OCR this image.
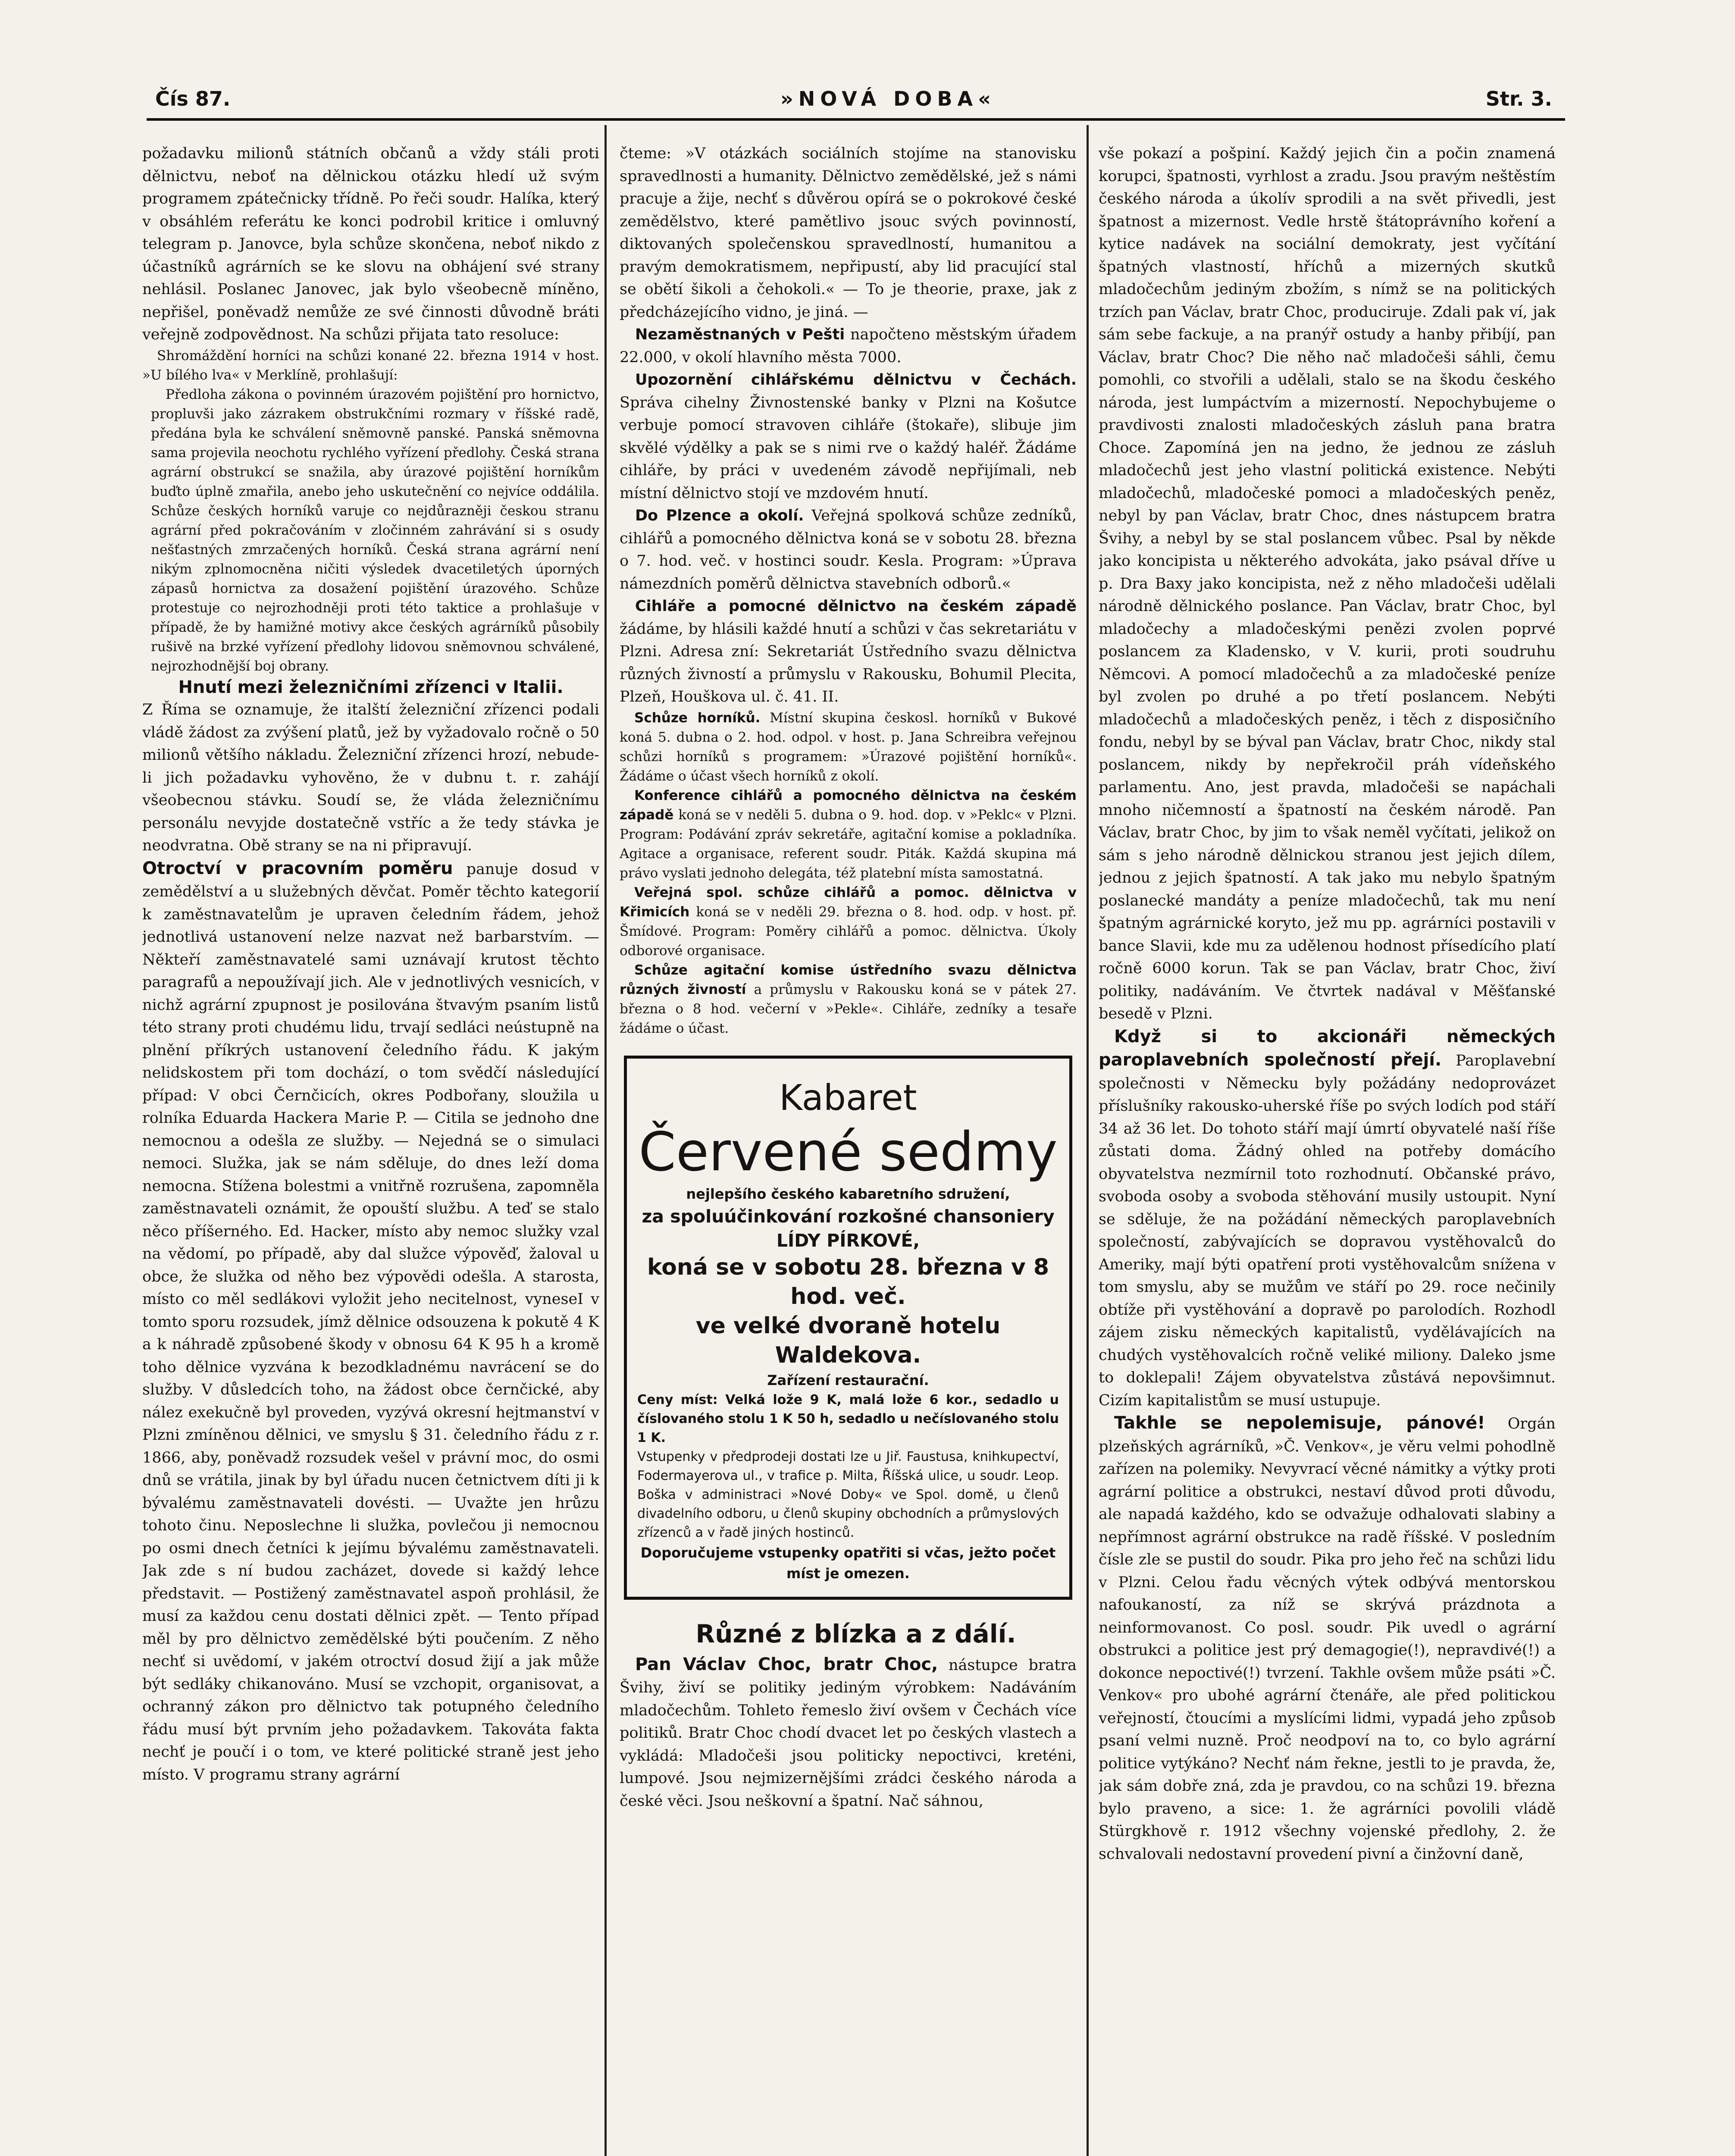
Čís 87.	»NOVÁ DOBA«	Str. 3.

požadavku milionů státních občanů a vždy stáli proti dělnictvu, neboť na dělnickou otázku hledí už svým programem zpátečnicky třídně. Po řeči soudr. Halíka, který v obsáhlém referátu ke konci podrobil kritice i omluvný telegram p. Janovce, byla schůze skončena, neboť nikdo z účastníků agrárních se ke slovu na obhájení své strany nehlásil. Poslanec Janovec, jak bylo všeobecně míněno, nepřišel, poněvadž nemůže ze své činnosti důvodně bráti veřejně zodpovědnost. Na schůzi přijata tato resoluce:

Shromáždění horníci na schůzi konané 22. března 1914 v host. »U bílého lva« v Merklíně, prohlašují:

Předloha zákona o povinném úrazovém pojištění pro hornictvo, propluvši jako zázrakem obstrukčními rozmary v říšské radě, předána byla ke schválení sněmovně panské. Panská sněmovna sama projevila neochotu rychlého vyřízení předlohy. Česká strana agrární obstrukcí se snažila, aby úrazové pojištění horníkům buďto úplně zmařila, anebo jeho uskutečnění co nejvíce oddálila. Schůze českých horníků varuje co nejdůrazněji českou stranu agrární před pokračováním v zločinném zahrávání si s osudy nešťastných zmrzačených horníků. Česká strana agrární není nikým zplnomocněna ničiti výsledek dvacetiletých úporných zápasů hornictva za dosažení pojištění úrazového. Schůze protestuje co nejrozhodněji proti této taktice a prohlašuje v případě, že by hamižné motivy akce českých agrárníků působily rušivě na brzké vyřízení předlohy lidovou sněmovnou schválené, nejrozhodnější boj obrany.

Hnutí mezi železničními zřízenci v Italii.

Z Říma se oznamuje, že italští železniční zřízenci podali vládě žádost za zvýšení platů, jež by vyžadovalo ročně o 50 milionů většího nákladu. Železniční zřízenci hrozí, nebude-li jich požadavku vyhověno, že v dubnu t. r. zahájí všeobecnou stávku. Soudí se, že vláda železničnímu personálu nevyjde dostatečně vstříc a že tedy stávka je neodvratna. Obě strany se na ni připravují.

Otroctví v pracovním poměru panuje dosud v zemědělství a u služebných děvčat. Poměr těchto kategorií k zaměstnavatelům je upraven čeledním řádem, jehož jednotlivá ustanovení nelze nazvat než barbarstvím. — Někteří zaměstnavatelé sami uznávají krutost těchto paragrafů a nepoužívají jich. Ale v jednotlivých vesnicích, v nichž agrární zpupnost je posilována štvavým psaním listů této strany proti chudému lidu, trvají sedláci neústupně na plnění příkrých ustanovení čeledního řádu. K jakým nelidskostem při tom dochází, o tom svědčí následující případ: V obci Černčicích, okres Podbořany, sloužila u rolníka Eduarda Hackera Marie P. — Citila se jednoho dne nemocnou a odešla ze služby. — Nejedná se o simulaci nemoci. Služka, jak se nám sděluje, do dnes leží doma nemocna. Stížena bolestmi a vnitřně rozrušena, zapomněla zaměstnavateli oznámit, že opouští službu. A teď se stalo něco příšerného. Ed. Hacker, místo aby nemoc služky vzal na vědomí, po případě, aby dal služce výpověď, žaloval u obce, že služka od něho bez výpovědi odešla. A starosta, místo co měl sedlákovi vyložit jeho necitelnost, vyneseI v tomto sporu rozsudek, jímž dělnice odsouzena k pokutě 4 K a k náhradě způsobené škody v obnosu 64 K 95 h a kromě toho dělnice vyzvána k bezodkladnému navrácení se do služby. V důsledcích toho, na žádost obce černčické, aby nález exekučně byl proveden, vyzývá okresní hejtmanství v Plzni zmíněnou dělnici, ve smyslu § 31. čeledního řádu z r. 1866, aby, poněvadž rozsudek vešel v právní moc, do osmi dnů se vrátila, jinak by byl úřadu nucen četnictvem díti ji k bývalému zaměstnavateli dovésti. — Uvažte jen hrůzu tohoto činu. Neposlechne li služka, povlečou ji nemocnou po osmi dnech četníci k jejímu bývalému zaměstnavateli. Jak zde s ní budou zacházet, dovede si každý lehce představit. — Postižený zaměstnavatel aspoň prohlásil, že musí za každou cenu dostati dělnici zpět. — Tento případ měl by pro dělnictvo zemědělské býti poučením. Z něho nechť si uvědomí, v jakém otroctví dosud žijí a jak může být sedláky chikanováno. Musí se vzchopit, organisovat, a ochranný zákon pro dělnictvo tak potupného čeledního řádu musí být prvním jeho požadavkem. Takováta fakta nechť je poučí i o tom, ve které politické straně jest jeho místo. V programu strany agrární

čteme: »V otázkách sociálních stojíme na stanovisku spravedlnosti a humanity. Dělnictvo zemědělské, jež s námi pracuje a žije, nechť s důvěrou opírá se o pokrokové české zemědělstvo, které pamětlivo jsouc svých povinností, diktovaných společenskou spravedlností, humanitou a pravým demokratismem, nepřipustí, aby lid pracující stal se obětí šikoli a čehokoli.« — To je theorie, praxe, jak z předcházejícího vidno, je jiná. —

Nezaměstnaných v Pešti napočteno městským úřadem 22.000, v okolí hlavního města 7000.

Upozornění cihlářskému dělnictvu v Čechách. Správa cihelny Živnostenské banky v Plzni na Košutce verbuje pomocí stravoven cihláře (štokaře), slibuje jim skvělé výdělky a pak se s nimi rve o každý haléř. Žádáme cihláře, by práci v uvedeném závodě nepřijímali, neb místní dělnictvo stojí ve mzdovém hnutí.

Do Plzence a okolí. Veřejná spolková schůze zedníků, cihlářů a pomocného dělnictva koná se v sobotu 28. března o 7. hod. več. v hostinci soudr. Kesla. Program: »Úprava námezdních poměrů dělnictva stavebních odborů.«

Cihláře a pomocné dělnictvo na českém západě žádáme, by hlásili každé hnutí a schůzi v čas sekretariátu v Plzni. Adresa zní: Sekretariát Ústředního svazu dělnictva různých živností a průmyslu v Rakousku, Bohumil Plecita, Plzeň, Houškova ul. č. 41. II.

Schůze horníků. Místní skupina českosl. horníků v Bukové koná 5. dubna o 2. hod. odpol. v host. p. Jana Schreibra veřejnou schůzi horníků s programem: »Úrazové pojištění horníků«. Žádáme o účast všech horníků z okolí.

Konference cihlářů a pomocného dělnictva na českém západě koná se v neděli 5. dubna o 9. hod. dop. v »Peklc« v Plzni. Program: Podávání zpráv sekretáře, agitační komise a pokladníka. Agitace a organisace, referent soudr. Piták. Každá skupina má právo vyslati jednoho delegáta, též platební místa samostatná.

Veřejná spol. schůze cihlářů a pomoc. dělnictva v Křimicích koná se v neděli 29. března o 8. hod. odp. v host. př. Šmídové. Program: Poměry cihlářů a pomoc. dělnictva. Úkoly odborové organisace.

Schůze agitační komise ústředního svazu dělnictva různých živností a průmyslu v Rakousku koná se v pátek 27. března o 8 hod. večerní v »Pekle«. Cihláře, zedníky a tesaře žádáme o účast.

Kabaret

Červené sedmy

nejlepšího českého kabaretního sdružení,

za spoluúčinkování rozkošné chansoniery

LÍDY PÍRKOVÉ,

koná se v sobotu 28. března v 8 hod. več.

ve velké dvoraně hotelu Waldekova.

Zařízení restaurační.

Ceny míst: Velká lože 9 K, malá lože 6 kor., sedadlo u číslovaného stolu 1 K 50 h, sedadlo u nečíslovaného stolu 1 K.

Vstupenky v předprodeji dostati lze u Jiř. Faustusa, knihkupectví, Fodermayerova ul., v trafice p. Milta, Říšská ulice, u soudr. Leop. Boška v administraci »Nové Doby« ve Spol. domě, u členů divadelního odboru, u členů skupiny obchodních a průmyslových zřízenců a v řadě jiných hostinců.

Doporučujeme vstupenky opatřiti si včas, ježto počet míst je omezen.

Různé z blízka a z dálí.

Pan Václav Choc, bratr Choc, nástupce bratra Švihy, živí se politiky jediným výrobkem: Nadáváním mladočechům. Tohleto řemeslo živí ovšem v Čechách více politiků. Bratr Choc chodí dvacet let po českých vlastech a vykládá: Mladočeši jsou politicky nepoctivci, kreténi, lumpové. Jsou nejmizernějšími zrádci českého národa a české věci. Jsou neškovní a špatní. Nač sáhnou,

vše pokazí a pošpiní. Každý jejich čin a počin znamená korupci, špatnosti, vyrhlost a zradu. Jsou pravým neštěstím českého národa a úkolív sprodili a na svět přivedli, jest špatnost a mizernost. Vedle hrstě štátoprávního koření a kytice nadávek na sociální demokraty, jest vyčítání špatných vlastností, hříchů a mizerných skutků mladočechům jediným zbožím, s nímž se na politických trzích pan Václav, bratr Choc, produciruje. Zdali pak ví, jak sám sebe fackuje, a na pranýř ostudy a hanby přibíjí, pan Václav, bratr Choc? Die něho nač mladočeši sáhli, čemu pomohli, co stvořili a udělali, stalo se na škodu českého národa, jest lumpáctvím a mizerností. Nepochybujeme o pravdivosti znalosti mladočeských zásluh pana bratra Choce. Zapomíná jen na jedno, že jednou ze zásluh mladočechů jest jeho vlastní politická existence. Nebýti mladočechů, mladočeské pomoci a mladočeských peněz, nebyl by pan Václav, bratr Choc, dnes nástupcem bratra Švihy, a nebyl by se stal poslancem vůbec. Psal by někde jako koncipista u některého advokáta, jako psával dříve u p. Dra Baxy jako koncipista, než z něho mladočeši udělali národně dělnického poslance. Pan Václav, bratr Choc, byl mladočechy a mladočeskými penězi zvolen poprvé poslancem za Kladensko, v V. kurii, proti soudruhu Němcovi. A pomocí mladočechů a za mladočeské peníze byl zvolen po druhé a po třetí poslancem. Nebýti mladočechů a mladočeských peněz, i těch z disposičního fondu, nebyl by se býval pan Václav, bratr Choc, nikdy stal poslancem, nikdy by nepřekročil práh vídeňského parlamentu. Ano, jest pravda, mladočeši se napáchali mnoho ničemností a špatností na českém národě. Pan Václav, bratr Choc, by jim to však neměl vyčítati, jelikož on sám s jeho národně dělnickou stranou jest jejich dílem, jednou z jejich špatností. A tak jako mu nebylo špatným poslanecké mandáty a peníze mladočechů, tak mu není špatným agrárnické koryto, jež mu pp. agrárníci postavili v bance Slavii, kde mu za udělenou hodnost přísedícího platí ročně 6000 korun. Tak se pan Václav, bratr Choc, živí politiky, nadáváním. Ve čtvrtek nadával v Měšťanské besedě v Plzni.

Když si to akcionáři německých paroplavebních společností přejí. Paroplavební společnosti v Německu byly požádány nedoprovázet příslušníky rakousko-uherské říše po svých lodích pod stáří 34 až 36 let. Do tohoto stáří mají úmrtí obyvatelé naší říše zůstati doma. Žádný ohled na potřeby domácího obyvatelstva nezmírnil toto rozhodnutí. Občanské právo, svoboda osoby a svoboda stěhování musily ustoupit. Nyní se sděluje, že na požádání německých paroplavebních společností, zabývajících se dopravou vystěhovalců do Ameriky, mají býti opatření proti vystěhovalcům snížena v tom smyslu, aby se mužům ve stáří po 29. roce nečinily obtíže při vystěhování a dopravě po parolodích. Rozhodl zájem zisku německých kapitalistů, vydělávajících na chudých vystěhovalcích ročně veliké miliony. Daleko jsme to doklepali! Zájem obyvatelstva zůstává nepovšimnut. Cizím kapitalistům se musí ustupuje.

Takhle se nepolemisuje, pánové! Orgán plzeňských agrárníků, »Č. Venkov«, je věru velmi pohodlně zařízen na polemiky. Nevyvrací věcné námitky a výtky proti agrární politice a obstrukci, nestaví důvod proti důvodu, ale napadá každého, kdo se odvažuje odhalovati slabiny a nepřímnost agrární obstrukce na radě říšské. V posledním čísle zle se pustil do soudr. Pika pro jeho řeč na schůzi lidu v Plzni. Celou řadu věcných výtek odbývá mentorskou nafoukaností, za níž se skrývá prázdnota a neinformovanost. Co posl. soudr. Pik uvedl o agrární obstrukci a politice jest prý demagogie(!), nepravdivé(!) a dokonce nepoctivé(!) tvrzení. Takhle ovšem může psáti »Č. Venkov« pro ubohé agrární čtenáře, ale před politickou veřejností, čtoucími a myslícími lidmi, vypadá jeho způsob psaní velmi nuzně. Proč neodpoví na to, co bylo agrární politice vytýkáno? Nechť nám řekne, jestli to je pravda, že, jak sám dobře zná, zda je pravdou, co na schůzi 19. března bylo praveno, a sice: 1. že agrárníci povolili vládě Stürgkhově r. 1912 všechny vojenské předlohy, 2. že schvalovali nedostavní provedení pivní a činžovní daně,
